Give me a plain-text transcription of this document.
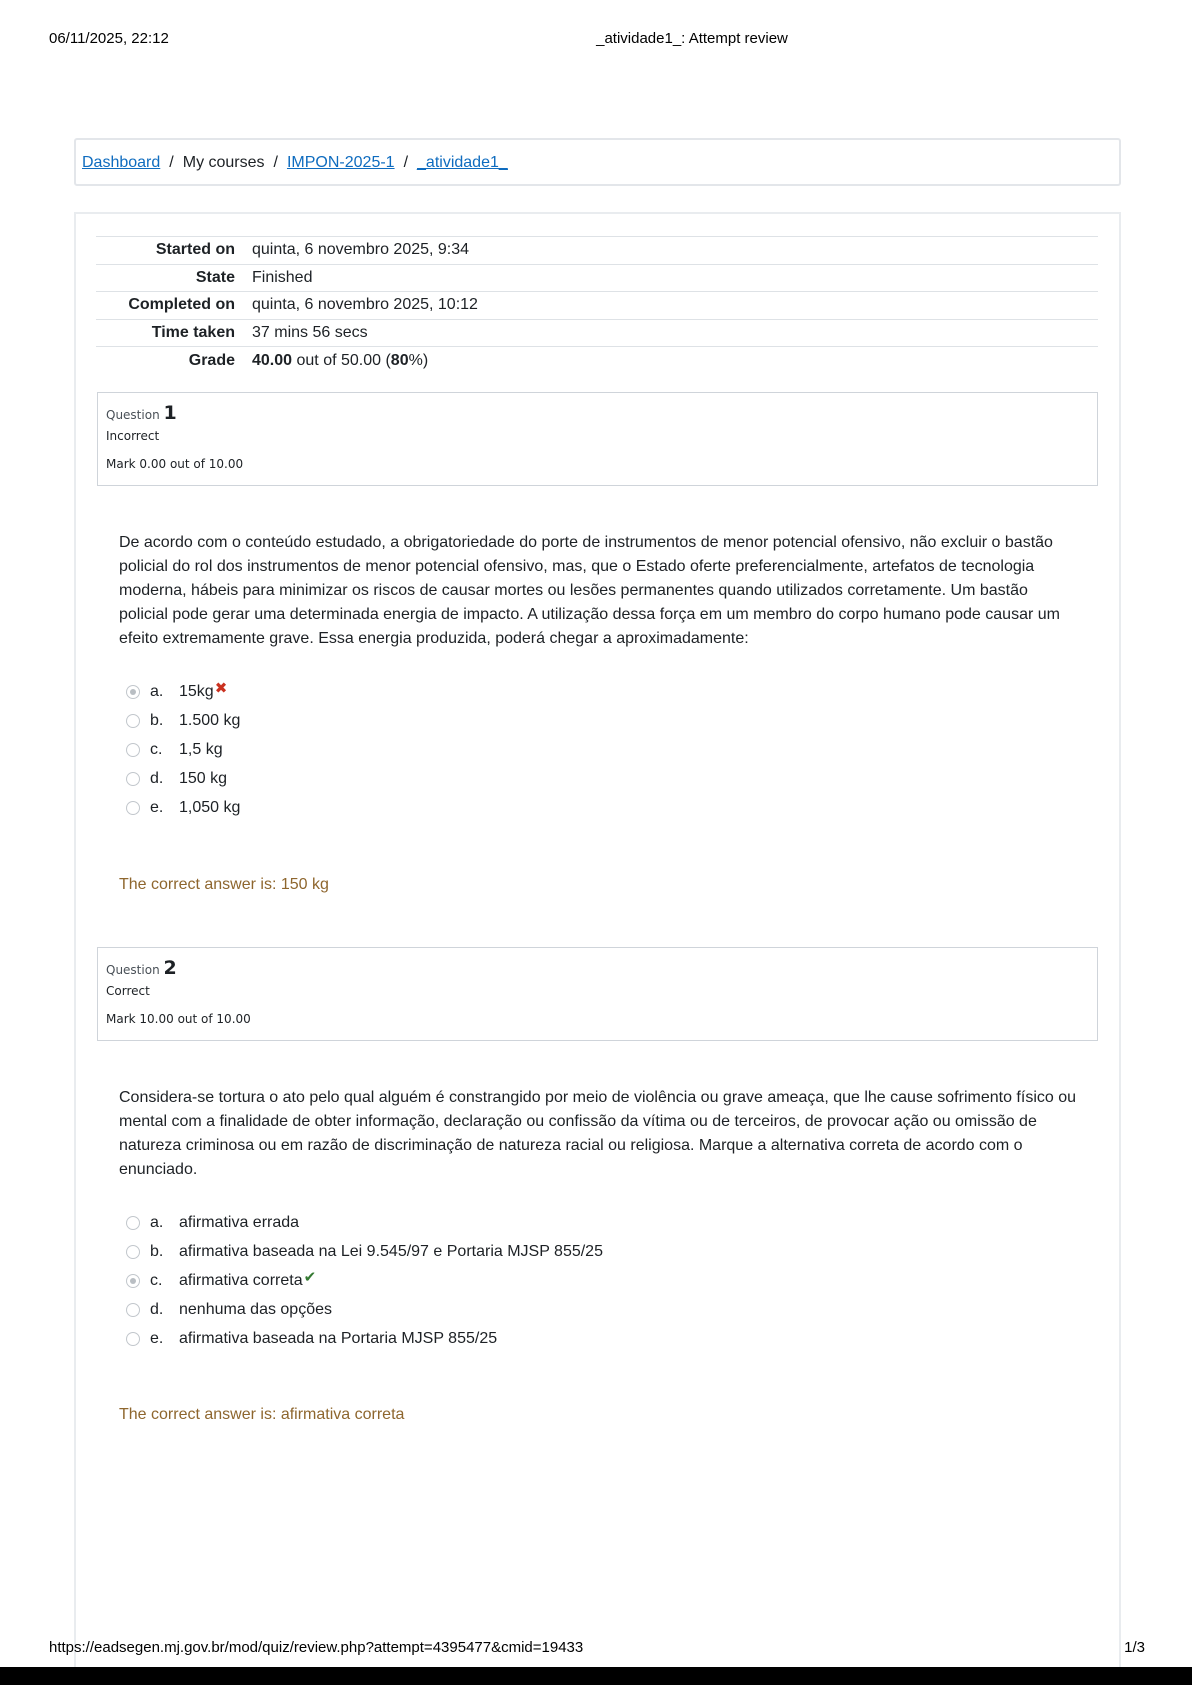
06/11/2025, 22:12	_atividade1_: Attempt review
Dashboard / My courses / IMPON-2025-1 / _atividade1_
Started on	quinta, 6 novembro 2025, 9:34
State	Finished
Completed on	quinta, 6 novembro 2025, 10:12
Time taken	37 mins 56 secs
Grade	40.00 out of 50.00 (80%)
Question 1
Incorrect
Mark 0.00 out of 10.00
De acordo com o conteúdo estudado, a obrigatoriedade do porte de instrumentos de menor potencial ofensivo, não excluir o bastão policial do rol dos instrumentos de menor potencial ofensivo, mas, que o Estado oferte preferencialmente, artefatos de tecnologia moderna, hábeis para minimizar os riscos de causar mortes ou lesões permanentes quando utilizados corretamente. Um bastão policial pode gerar uma determinada energia de impacto. A utilização dessa força em um membro do corpo humano pode causar um efeito extremamente grave. Essa energia produzida, poderá chegar a aproximadamente:
a. 15kg ✖
b. 1.500 kg
c.	1,5 kg
d. 150 kg
e. 1,050 kg
The correct answer is: 150 kg
Question 2
Correct
Mark 10.00 out of 10.00
Considera-se tortura o ato pelo qual alguém é constrangido por meio de violência ou grave ameaça, que lhe cause sofrimento físico ou mental com a finalidade de obter informação, declaração ou confissão da vítima ou de terceiros, de provocar ação ou omissão de natureza criminosa ou em razão de discriminação de natureza racial ou religiosa. Marque a alternativa correta de acordo com o enunciado.
a. afirmativa errada
b. afirmativa baseada na Lei 9.545/97 e Portaria MJSP 855/25
c.	afirmativa correta ✔
d. nenhuma das opções
e. afirmativa baseada na Portaria MJSP 855/25
The correct answer is: afirmativa correta
https://eadsegen.mj.gov.br/mod/quiz/review.php?attempt=4395477&cmid=19433	1/3
